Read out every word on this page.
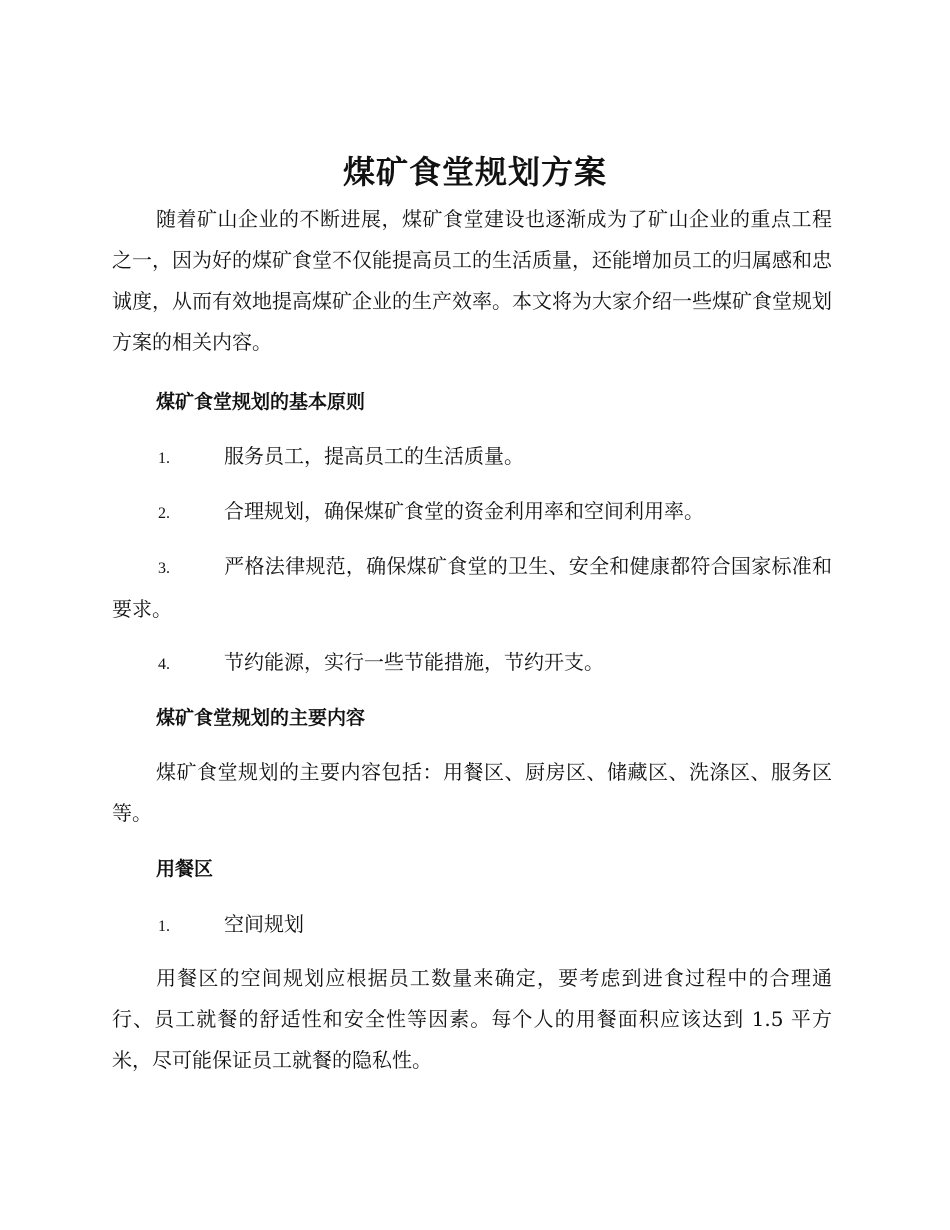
煤矿食堂规划方案

随着矿山企业的不断进展，煤矿食堂建设也逐渐成为了矿山企业的重点工程之一，因为好的煤矿食堂不仅能提高员工的生活质量，还能增加员工的归属感和忠诚度，从而有效地提高煤矿企业的生产效率。本文将为大家介绍一些煤矿食堂规划方案的相关内容。

煤矿食堂规划的基本原则

1.	服务员工，提高员工的生活质量。

2.	合理规划，确保煤矿食堂的资金利用率和空间利用率。

3.	严格法律规范，确保煤矿食堂的卫生、安全和健康都符合国家标准和要求。

4.	节约能源，实行一些节能措施，节约开支。

煤矿食堂规划的主要内容

煤矿食堂规划的主要内容包括：用餐区、厨房区、储藏区、洗涤区、服务区等。

用餐区

1.	空间规划

用餐区的空间规划应根据员工数量来确定，要考虑到进食过程中的合理通行、员工就餐的舒适性和安全性等因素。每个人的用餐面积应该达到 1.5 平方米，尽可能保证员工就餐的隐私性。
